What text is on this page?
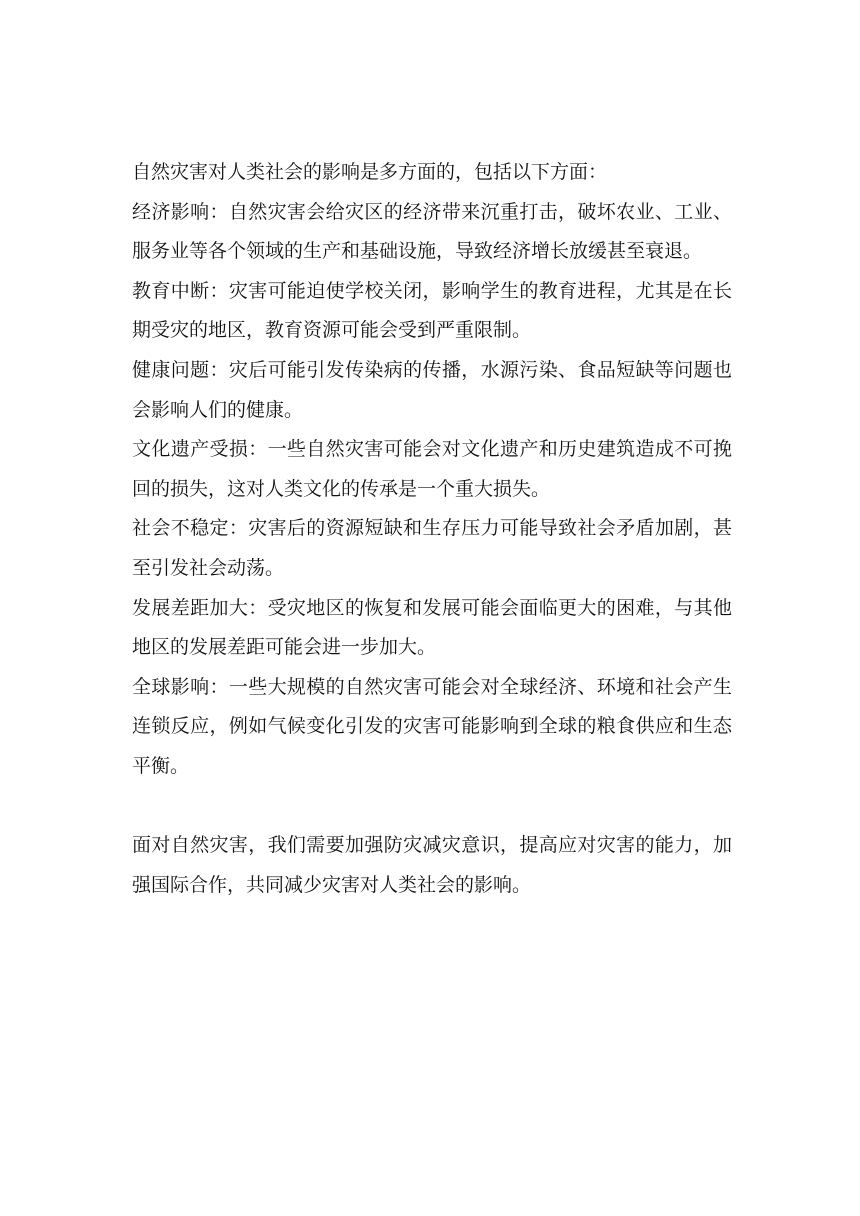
自然灾害对人类社会的影响是多方面的，包括以下方面：

经济影响：自然灾害会给灾区的经济带来沉重打击，破坏农业、工业、服务业等各个领域的生产和基础设施，导致经济增长放缓甚至衰退。

教育中断：灾害可能迫使学校关闭，影响学生的教育进程，尤其是在长期受灾的地区，教育资源可能会受到严重限制。

健康问题：灾后可能引发传染病的传播，水源污染、食品短缺等问题也会影响人们的健康。

文化遗产受损：一些自然灾害可能会对文化遗产和历史建筑造成不可挽回的损失，这对人类文化的传承是一个重大损失。

社会不稳定：灾害后的资源短缺和生存压力可能导致社会矛盾加剧，甚至引发社会动荡。

发展差距加大：受灾地区的恢复和发展可能会面临更大的困难，与其他地区的发展差距可能会进一步加大。

全球影响：一些大规模的自然灾害可能会对全球经济、环境和社会产生连锁反应，例如气候变化引发的灾害可能影响到全球的粮食供应和生态平衡。

面对自然灾害，我们需要加强防灾减灾意识，提高应对灾害的能力，加强国际合作，共同减少灾害对人类社会的影响。
